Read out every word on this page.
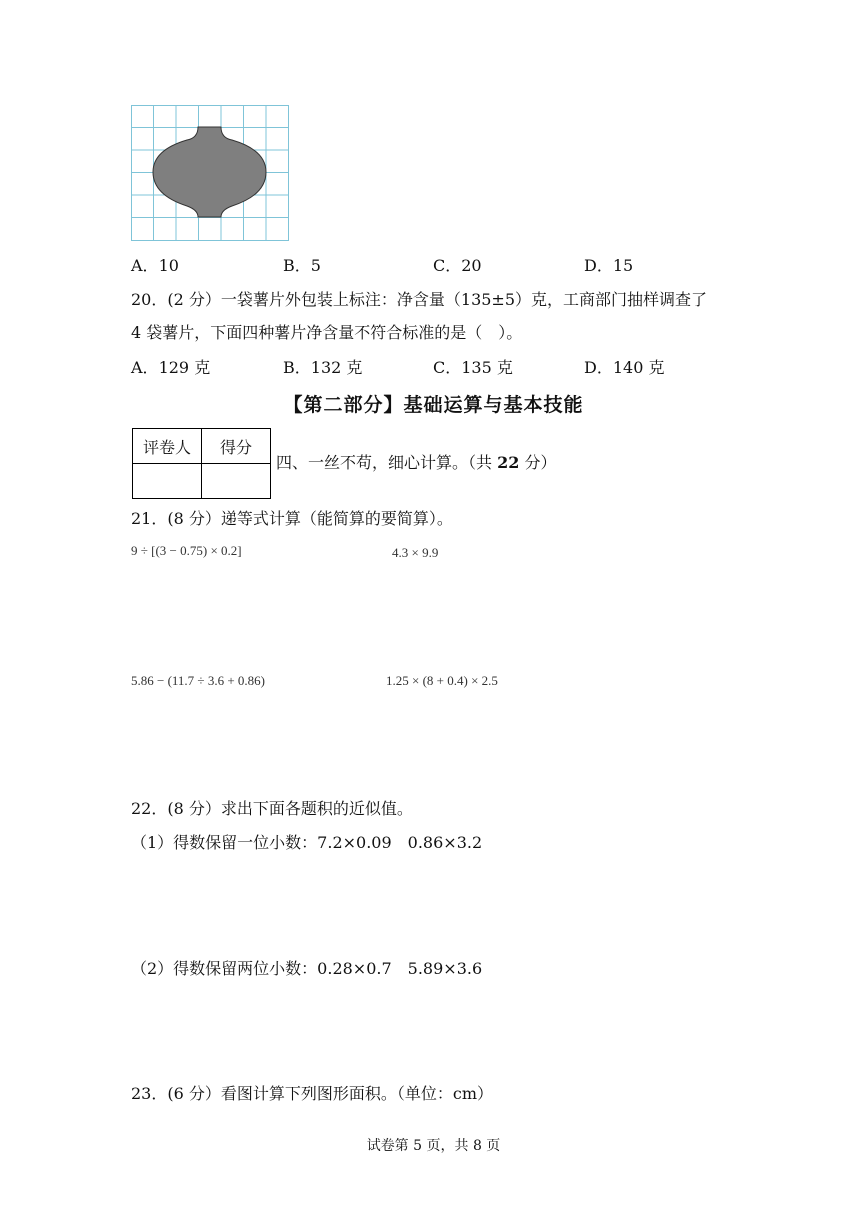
A．10	B．5	C．20	D．15
20．(2 分）一袋薯片外包装上标注：净含量（135±5）克，工商部门抽样调查了
4 袋薯片，下面四种薯片净含量不符合标准的是（　）。
A．129 克	B．132 克	C．135 克	D．140 克
【第二部分】基础运算与基本技能
评卷人	得分

四、一丝不苟，细心计算。（共 22 分）
21．(8 分）递等式计算（能简算的要简算）。
9 ÷ [(3 − 0.75) × 0.2]	4.3 × 9.9
5.86 − (11.7 ÷ 3.6 + 0.86)	1.25 × (8 + 0.4) × 2.5
22．(8 分）求出下面各题积的近似值。
（1）得数保留一位小数：7.2×0.09　0.86×3.2
（2）得数保留两位小数：0.28×0.7　5.89×3.6
23．(6 分）看图计算下列图形面积。（单位：cm）
试卷第 5 页，共 8 页
